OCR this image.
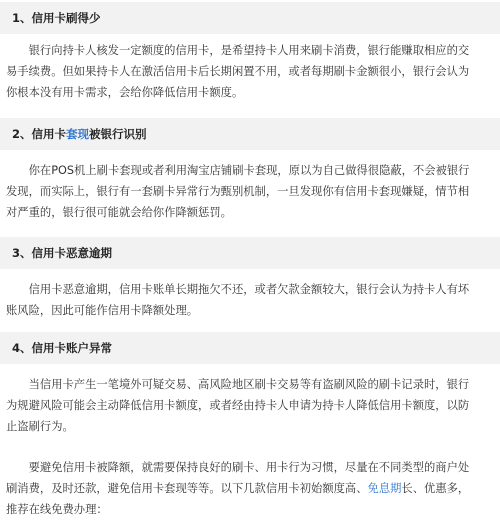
1、信用卡刷得少
　　银行向持卡人核发一定额度的信用卡，是希望持卡人用来刷卡消费，银行能赚取相应的交
易手续费。但如果持卡人在激活信用卡后长期闲置不用，或者每期刷卡金额很小，银行会认为
你根本没有用卡需求，会给你降低信用卡额度。
2、信用卡套现被银行识别
　　你在POS机上刷卡套现或者利用淘宝店铺刷卡套现，原以为自己做得很隐蔽，不会被银行
发现，而实际上，银行有一套刷卡异常行为甄别机制，一旦发现你有信用卡套现嫌疑，情节相
对严重的，银行很可能就会给你作降额惩罚。
3、信用卡恶意逾期
　　信用卡恶意逾期，信用卡账单长期拖欠不还，或者欠款金额较大，银行会认为持卡人有坏
账风险，因此可能作信用卡降额处理。
4、信用卡账户异常
　　当信用卡产生一笔境外可疑交易、高风险地区刷卡交易等有盗刷风险的刷卡记录时，银行
为规避风险可能会主动降低信用卡额度，或者经由持卡人申请为持卡人降低信用卡额度，以防
止盗刷行为。
　　要避免信用卡被降额，就需要保持良好的刷卡、用卡行为习惯，尽量在不同类型的商户处
刷消费，及时还款，避免信用卡套现等等。以下几款信用卡初始额度高、免息期长、优惠多，
推荐在线免费办理：
